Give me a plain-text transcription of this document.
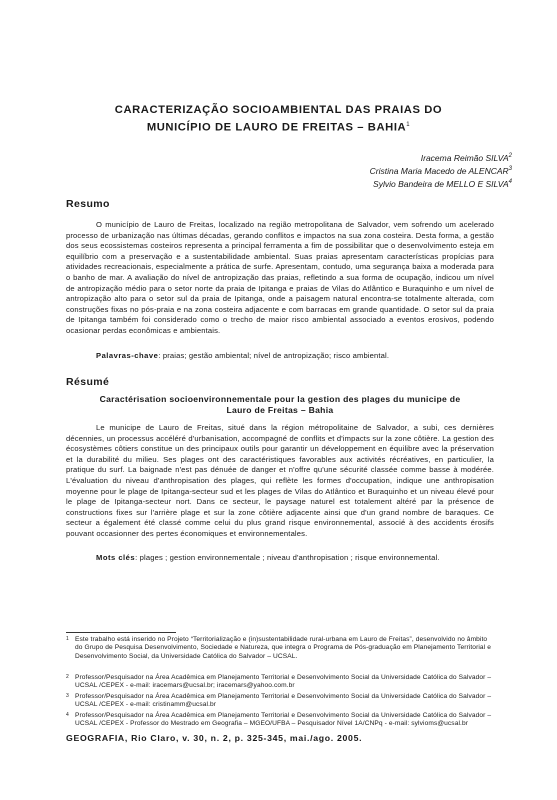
CARACTERIZAÇÃO SOCIOAMBIENTAL DAS PRAIAS DO
MUNICÍPIO DE LAURO DE FREITAS – BAHIA$^1$
Iracema Reimão SILVA$^2$
Cristina Maria Macedo de ALENCAR$^3$
Sylvio Bandeira de MELLO E SILVA$^4$
Resumo
O município de Lauro de Freitas, localizado na região metropolitana de Salvador, vem sofrendo um acelerado processo de urbanização nas últimas décadas, gerando conflitos e impactos na sua zona costeira. Desta forma, a gestão dos seus ecossistemas costeiros representa a principal ferramenta a fim de possibilitar que o desenvolvimento esteja em equilíbrio com a preservação e a sustentabilidade ambiental. Suas praias apresentam características propícias para atividades recreacionais, especialmente a prática de surfe. Apresentam, contudo, uma segurança baixa a moderada para o banho de mar. A avaliação do nível de antropização das praias, refletindo a sua forma de ocupação, indicou um nível de antropização médio para o setor norte da praia de Ipitanga e praias de Vilas do Atlântico e Buraquinho e um nível de antropização alto para o setor sul da praia de Ipitanga, onde a paisagem natural encontra-se totalmente alterada, com construções fixas no pós-praia e na zona costeira adjacente e com barracas em grande quantidade. O setor sul da praia de Ipitanga também foi considerado como o trecho de maior risco ambiental associado a eventos erosivos, podendo ocasionar perdas econômicas e ambientais.
Palavras-chave: praias; gestão ambiental; nível de antropização; risco ambiental.
Résumé
Caractérisation socioenvironnementale pour la gestion des plages du municipe de
Lauro de Freitas – Bahia
Le municipe de Lauro de Freitas, situé dans la région métropolitaine de Salvador, a subi, ces dernières décennies, un processus accéléré d'urbanisation, accompagné de conflits et d'impacts sur la zone côtière. La gestion des écosystèmes côtiers constitue un des principaux outils pour garantir un développement en équilibre avec la préservation et la durabilité du milieu. Ses plages ont des caractéristiques favorables aux activités récréatives, en particulier, la pratique du surf. La baignade n'est pas dénuée de danger et n'offre qu'une sécurité classée comme basse à modérée. L'évaluation du niveau d'anthropisation des plages, qui reflète les formes d'occupation, indique une anthropisation moyenne pour le plage de Ipitanga-secteur sud et les plages de Vilas do Atlântico et Buraquinho et un niveau élevé pour le plage de Ipitanga-secteur nort. Dans ce secteur, le paysage naturel est totalement altéré par la présence de constructions fixes sur l'arrière plage et sur la zone côtière adjacente ainsi que d'un grand nombre de baraques. Ce secteur a également été classé comme celui du plus grand risque environnemental, associé à des accidents érosifs pouvant occasionner des pertes économiques et environnementales.
Mots clés: plages ; gestion environnementale ; niveau d'anthropisation ; risque environnemental.
1 Este trabalho está inserido no Projeto “Territorialização e (in)sustentabilidade rural-urbana em Lauro de Freitas”, desenvolvido no âmbito do Grupo de Pesquisa Desenvolvimento, Sociedade e Natureza, que integra o Programa de Pós-graduação em Planejamento Territorial e Desenvolvimento Social, da Universidade Católica do Salvador – UCSAL.
2 Professor/Pesquisador na Área Acadêmica em Planejamento Territorial e Desenvolvimento Social da Universidade Católica do Salvador – UCSAL /CEPEX - e-mail: iracemars@ucsal.br; iracemars@yahoo.com.br
3 Professor/Pesquisador na Área Acadêmica em Planejamento Territorial e Desenvolvimento Social da Universidade Católica do Salvador – UCSAL /CEPEX - e-mail: cristinamm@ucsal.br
4 Professor/Pesquisador na Área Acadêmica em Planejamento Territorial e Desenvolvimento Social da Universidade Católica do Salvador – UCSAL /CEPEX - Professor do Mestrado em Geografia – MGEO/UFBA – Pesquisador Nível 1A/CNPq - e-mail: sylvioms@ucsal.br
GEOGRAFIA, Rio Claro, v. 30, n. 2, p. 325-345, mai./ago. 2005.
